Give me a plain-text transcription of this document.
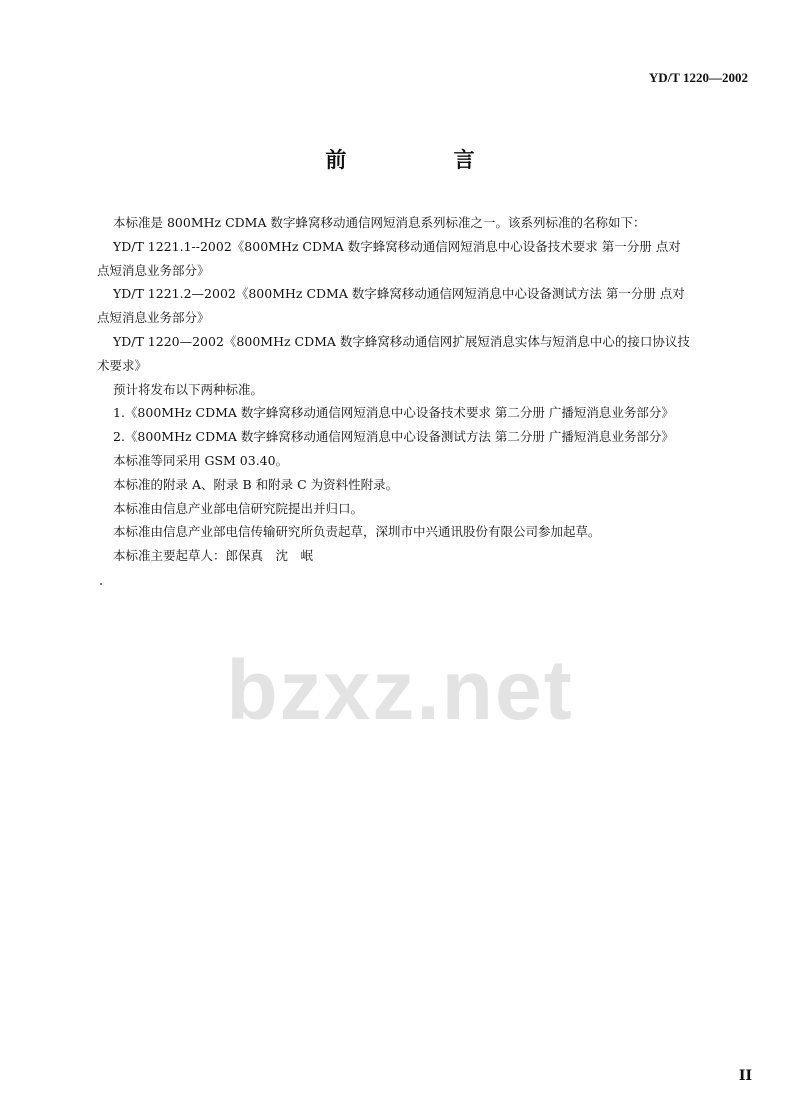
YD/T 1220—2002
前 言

本标准是 800MHz CDMA 数字蜂窝移动通信网短消息系列标准之一。该系列标准的名称如下：

YD/T 1221.1--2002《800MHz CDMA 数字蜂窝移动通信网短消息中心设备技术要求 第一分册 点对

点短消息业务部分》

YD/T 1221.2—2002《800MHz CDMA 数字蜂窝移动通信网短消息中心设备测试方法 第一分册 点对

点短消息业务部分》

YD/T 1220—2002《800MHz CDMA 数字蜂窝移动通信网扩展短消息实体与短消息中心的接口协议技

术要求》

预计将发布以下两种标准。

1.《800MHz CDMA 数字蜂窝移动通信网短消息中心设备技术要求 第二分册 广播短消息业务部分》

2.《800MHz CDMA 数字蜂窝移动通信网短消息中心设备测试方法 第二分册 广播短消息业务部分》

本标准等同采用 GSM 03.40。

本标准的附录 A、附录 B 和附录 C 为资料性附录。

本标准由信息产业部电信研究院提出并归口。

本标准由信息产业部电信传输研究所负责起草，深圳市中兴通讯股份有限公司参加起草。

本标准主要起草人：郎保真　沈　岷

bzxz.net
II
